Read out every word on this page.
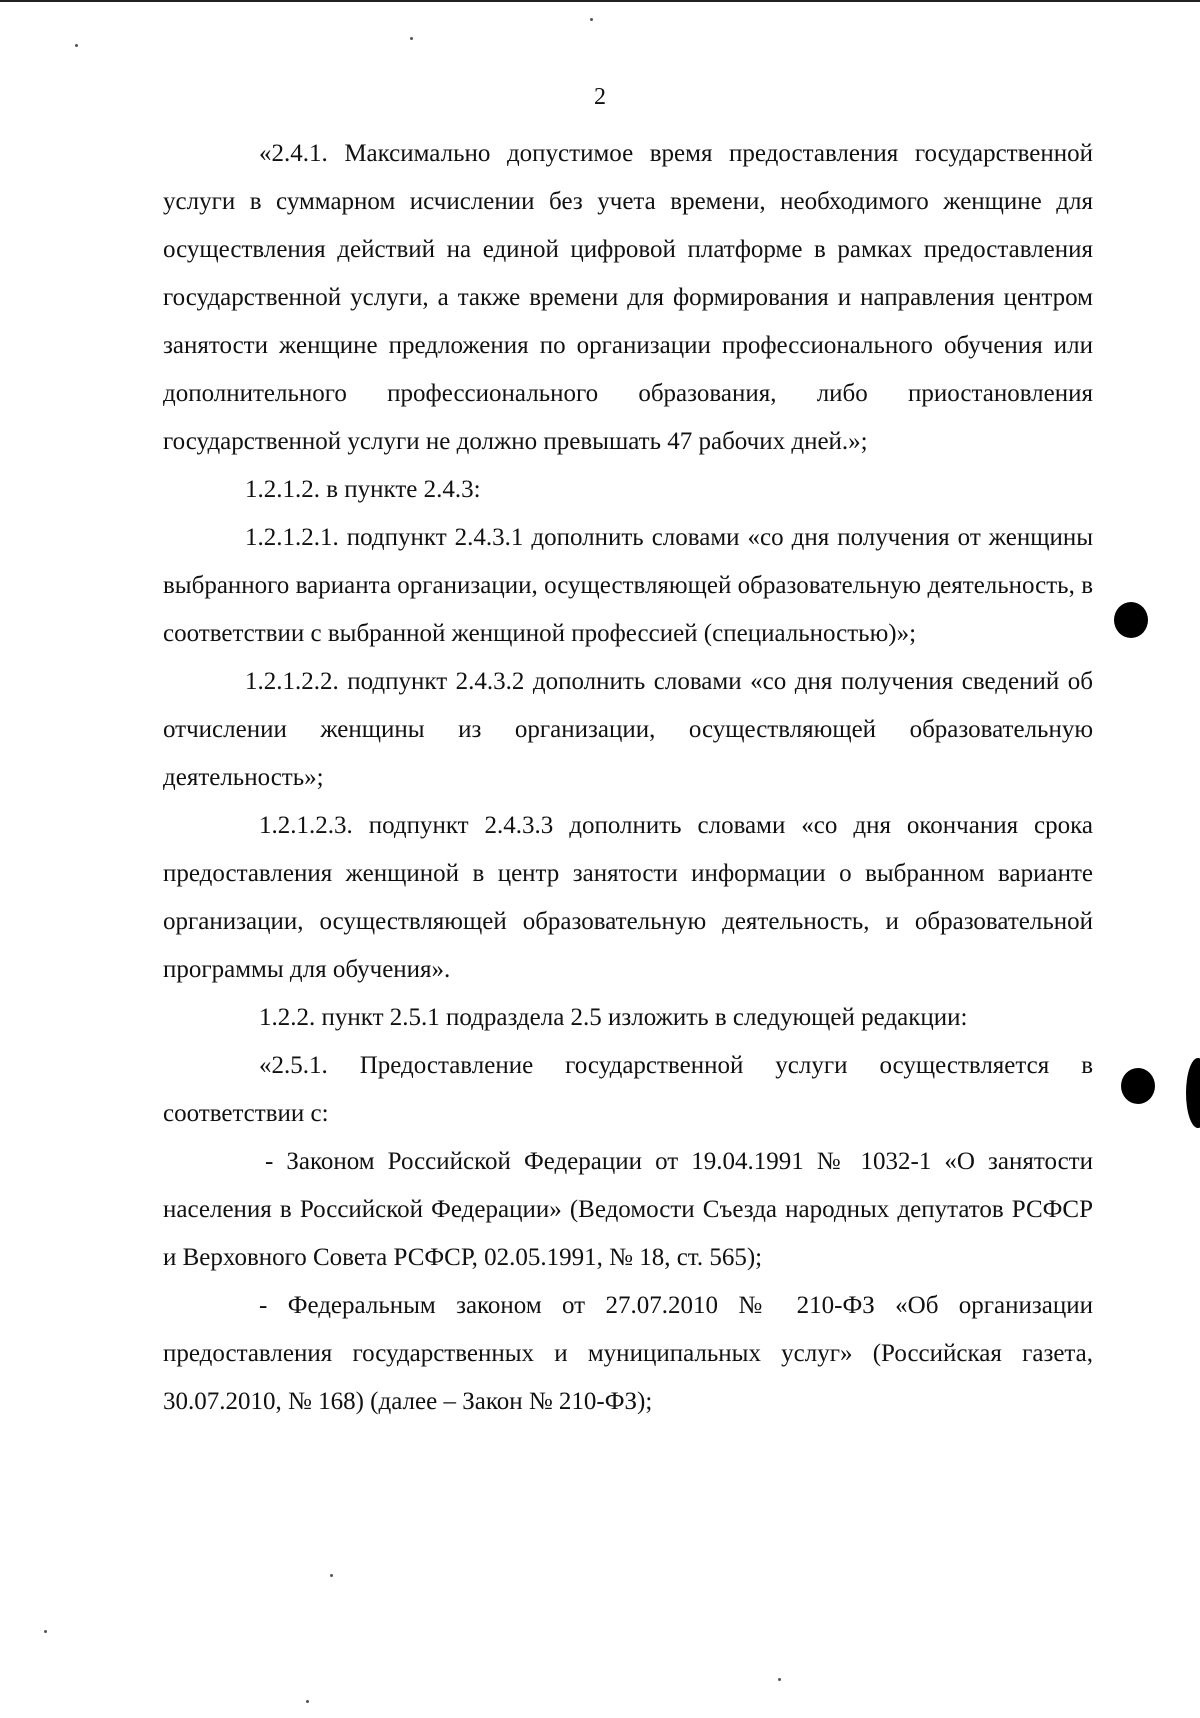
2

«2.4.1. Максимально допустимое время предоставления государственной услуги в суммарном исчислении без учета времени, необходимого женщине для осуществления действий на единой цифровой платформе в рамках предоставления государственной услуги, а также времени для формирования и направления центром занятости женщине предложения по организации профессионального обучения или дополнительного профессионального образования, либо приостановления государственной услуги не должно превышать 47 рабочих дней.»;

1.2.1.2. в пункте 2.4.3:

1.2.1.2.1. подпункт 2.4.3.1 дополнить словами «со дня получения от женщины выбранного варианта организации, осуществляющей образовательную деятельность, в соответствии с выбранной женщиной профессией (специальностью)»;

1.2.1.2.2. подпункт 2.4.3.2 дополнить словами «со дня получения сведений об отчислении женщины из организации, осуществляющей образовательную деятельность»;

1.2.1.2.3. подпункт 2.4.3.3 дополнить словами «со дня окончания срока предоставления женщиной в центр занятости информации о выбранном варианте организации, осуществляющей образовательную деятельность, и образовательной программы для обучения».

1.2.2. пункт 2.5.1 подраздела 2.5 изложить в следующей редакции:

«2.5.1. Предоставление государственной услуги осуществляется в соответствии с:

- Законом Российской Федерации от 19.04.1991 № 1032-1 «О занятости населения в Российской Федерации» (Ведомости Съезда народных депутатов РСФСР и Верховного Совета РСФСР, 02.05.1991, № 18, ст. 565);

- Федеральным законом от 27.07.2010 № 210-ФЗ «Об организации предоставления государственных и муниципальных услуг» (Российская газета, 30.07.2010, № 168) (далее – Закон № 210-ФЗ);
